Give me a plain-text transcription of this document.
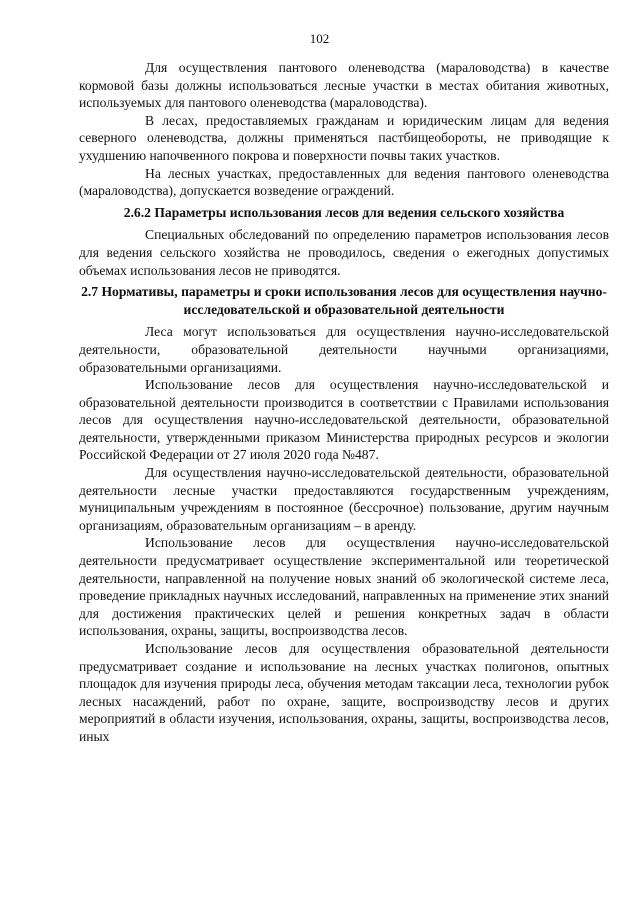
102

Для осуществления пантового оленеводства (мараловодства) в качестве кормовой базы должны использоваться лесные участки в местах обитания животных, используемых для пантового оленеводства (мараловодства).

В лесах, предоставляемых гражданам и юридическим лицам для ведения северного оленеводства, должны применяться пастбищеобороты, не приводящие к ухудшению напочвенного покрова и поверхности почвы таких участков.

На лесных участках, предоставленных для ведения пантового оленеводства (мараловодства), допускается возведение ограждений.

2.6.2 Параметры использования лесов для ведения сельского хозяйства

Специальных обследований по определению параметров использования лесов для ведения сельского хозяйства не проводилось, сведения о ежегодных допустимых объемах использования лесов не приводятся.

2.7 Нормативы, параметры и сроки использования лесов для осуществления научно-исследовательской и образовательной деятельности

Леса могут использоваться для осуществления научно-исследовательской деятельности, образовательной деятельности научными организациями, образовательными организациями.

Использование лесов для осуществления научно-исследовательской и образовательной деятельности производится в соответствии с Правилами использования лесов для осуществления научно-исследовательской деятельности, образовательной деятельности, утвержденными приказом Министерства природных ресурсов и экологии Российской Федерации от 27 июля 2020 года №487.

Для осуществления научно-исследовательской деятельности, образовательной деятельности лесные участки предоставляются государственным учреждениям, муниципальным учреждениям в постоянное (бессрочное) пользование, другим научным организациям, образовательным организациям – в аренду.

Использование лесов для осуществления научно-исследовательской деятельности предусматривает осуществление экспериментальной или теоретической деятельности, направленной на получение новых знаний об экологической системе леса, проведение прикладных научных исследований, направленных на применение этих знаний для достижения практических целей и решения конкретных задач в области использования, охраны, защиты, воспроизводства лесов.

Использование лесов для осуществления образовательной деятельности предусматривает создание и использование на лесных участках полигонов, опытных площадок для изучения природы леса, обучения методам таксации леса, технологии рубок лесных насаждений, работ по охране, защите, воспроизводству лесов и других мероприятий в области изучения, использования, охраны, защиты, воспроизводства лесов, иных
